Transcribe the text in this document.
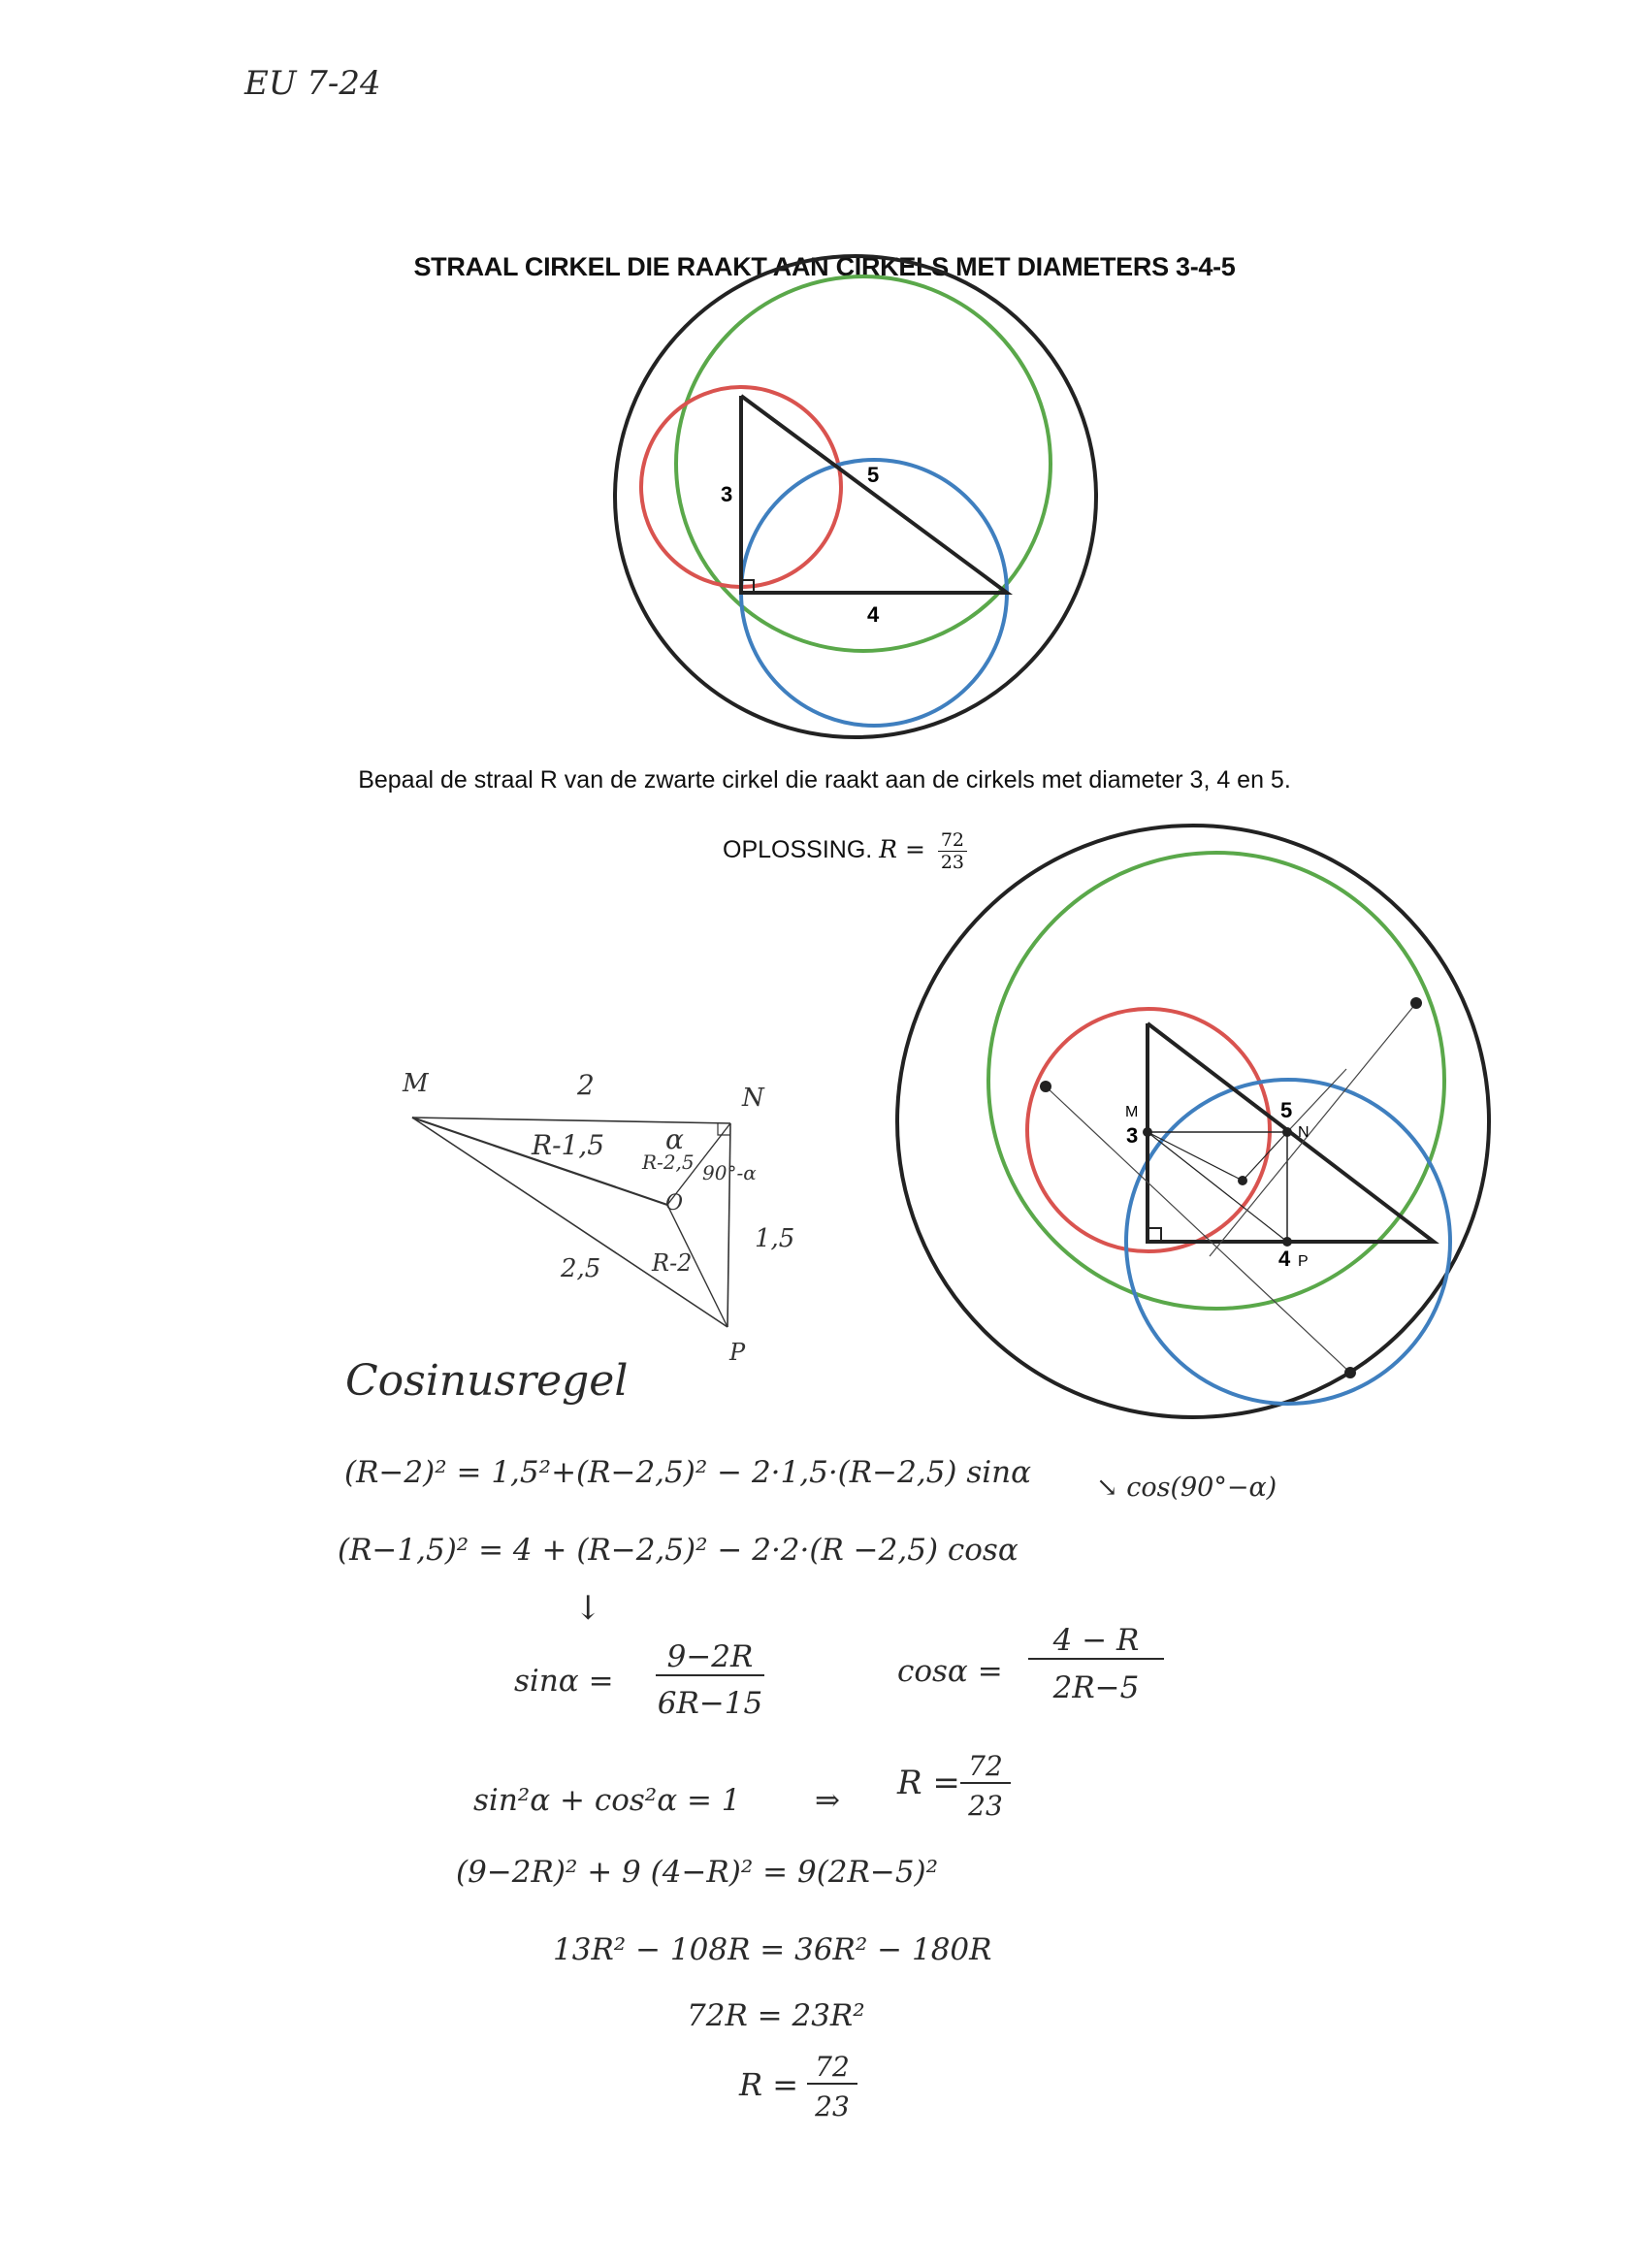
EU 7-24
STRAAL CIRKEL DIE RAAKT AAN CIRKELS MET DIAMETERS 3-4-5
3
5
4
Bepaal de straal R van de zwarte cirkel die raakt aan de cirkels met diameter 3, 4 en 5.
OPLOSSING. $R = \frac{72}{23}$
3
5
4
M
N
P
M	N
P
O
2
1,5
2,5
R-1,5
R-2,5
R-2
α
90°-α
Cosinusregel
(R−2)² = 1,5²+(R−2,5)² − 2·1,5·(R−2,5) sinα ↘ cos(90°−α)
(R−1,5)² = 4 + (R−2,5)² − 2·2·(R −2,5) cosα
↓
sinα =
9−2R
6R−15
cosα =
4 − R
2R−5
sin²α + cos²α = 1 ⇒ R = 72
23
(9−2R)² + 9 (4−R)² = 9(2R−5)²
13R² − 108R = 36R² − 180R
72R = 23R²
R = 72
23
